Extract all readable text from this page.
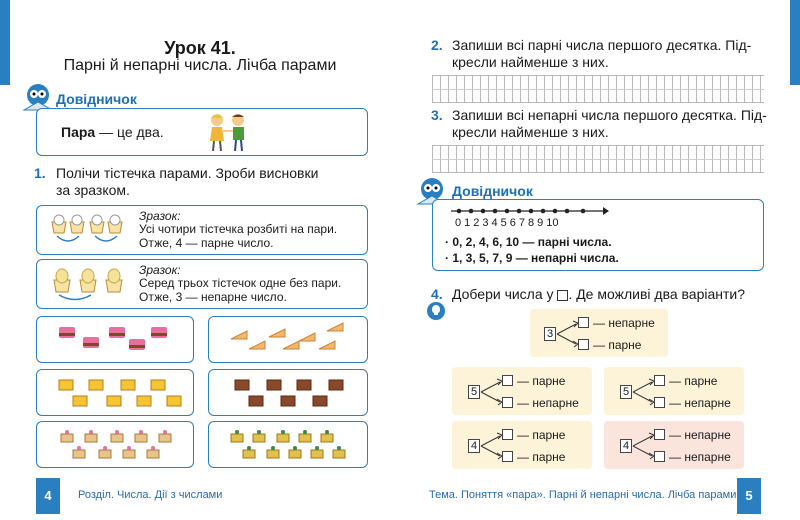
Урок 41.
Парні й непарні числа. Лічба парами
Довідничок
Пара — це два.
1. Полічи тістечка парами. Зроби висновки
за зразком.
Зразок:
Усі чотири тістечка розбиті на пари.
Отже, 4 — парне число.
Зразок:
Серед трьох тістечок одне без пари.
Отже, 3 — непарне число.
2. Запиши всі парні числа першого десятка. Під-
кресли найменше з них.
3. Запиши всі непарні числа першого десятка. Під-
кресли найменше з них.
Довідничок
0 1 2 3 4 5 6 7 8 9 10
· 0, 2, 4, 6, 10 — парні числа.
· 1, 3, 5, 7, 9 — непарні числа.
4. Добери числа у . Де можливі два варіанти?
3
— непарне
— парне
5
— парне
— непарне
5
— парне
— непарне
4
— парне
— парне
4
— непарне
— непарне
4	Розділ. Числа. Дії з числами	Тема. Поняття «пара». Парні й непарні числа. Лічба парами 5
